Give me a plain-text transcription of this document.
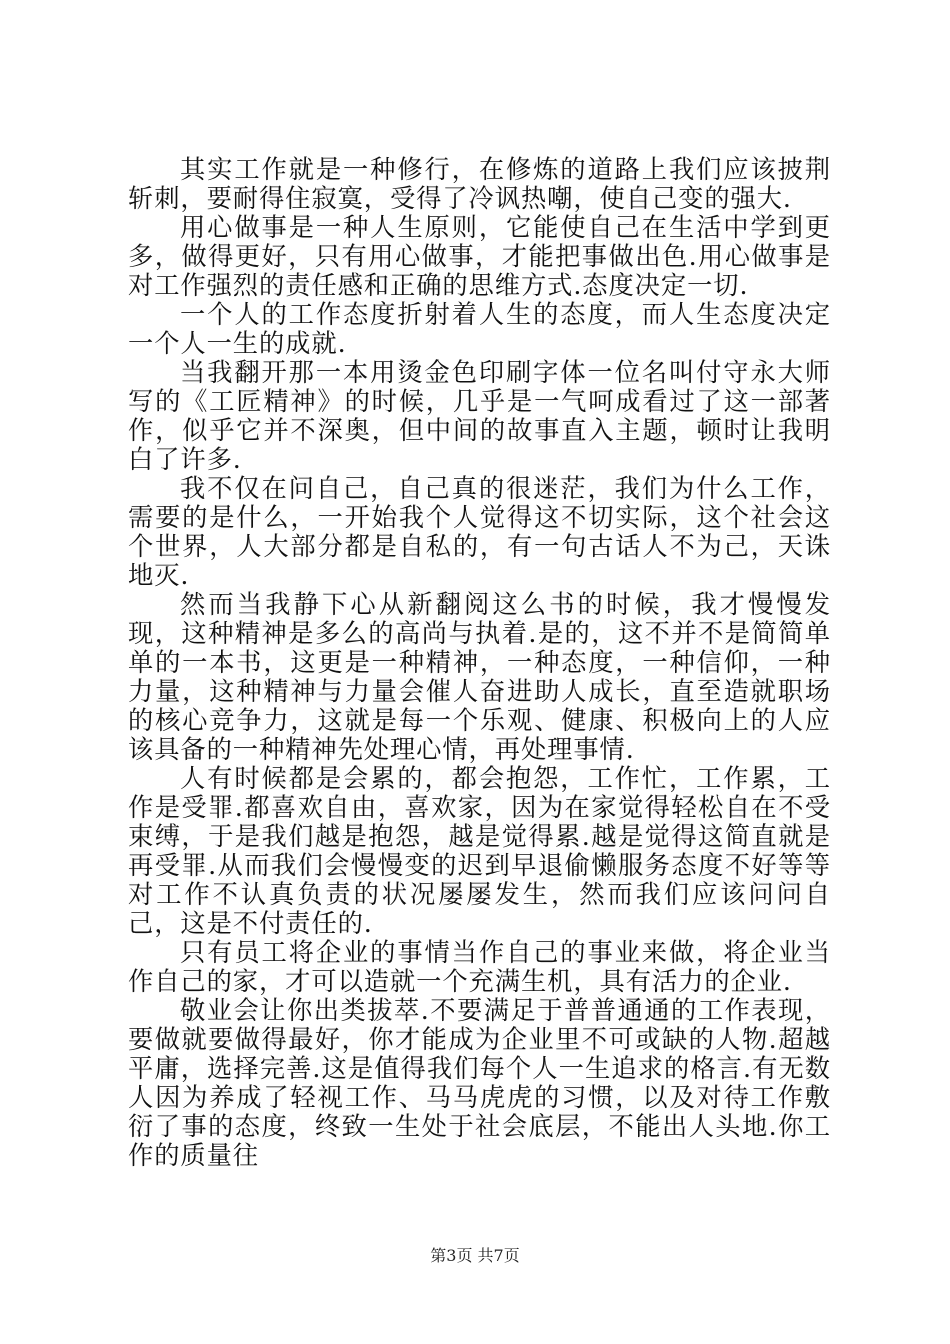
其实工作就是一种修行，在修炼的道路上我们应该披荆斩刺，要耐得住寂寞，受得了冷讽热嘲，使自己变的强大.

用心做事是一种人生原则，它能使自己在生活中学到更多，做得更好，只有用心做事，才能把事做出色.用心做事是对工作强烈的责任感和正确的思维方式.态度决定一切.

一个人的工作态度折射着人生的态度，而人生态度决定一个人一生的成就.

当我翻开那一本用烫金色印刷字体一位名叫付守永大师写的《工匠精神》的时候，几乎是一气呵成看过了这一部著作，似乎它并不深奥，但中间的故事直入主题，顿时让我明白了许多.

我不仅在问自己，自己真的很迷茫，我们为什么工作，需要的是什么，一开始我个人觉得这不切实际，这个社会这个世界，人大部分都是自私的，有一句古话人不为己，天诛地灭.

然而当我静下心从新翻阅这么书的时候，我才慢慢发现，这种精神是多么的高尚与执着.是的，这不并不是简简单单的一本书，这更是一种精神，一种态度，一种信仰，一种力量，这种精神与力量会催人奋进助人成长，直至造就职场的核心竞争力，这就是每一个乐观、健康、积极向上的人应该具备的一种精神先处理心情，再处理事情.

人有时候都是会累的，都会抱怨，工作忙，工作累，工作是受罪.都喜欢自由，喜欢家，因为在家觉得轻松自在不受束缚，于是我们越是抱怨，越是觉得累.越是觉得这简直就是再受罪.从而我们会慢慢变的迟到早退偷懒服务态度不好等等对工作不认真负责的状况屡屡发生，然而我们应该问问自己，这是不付责任的.

只有员工将企业的事情当作自己的事业来做，将企业当作自己的家，才可以造就一个充满生机，具有活力的企业.

敬业会让你出类拔萃.不要满足于普普通通的工作表现，要做就要做得最好，你才能成为企业里不可或缺的人物.超越平庸，选择完善.这是值得我们每个人一生追求的格言.有无数人因为养成了轻视工作、马马虎虎的习惯，以及对待工作敷衍了事的态度，终致一生处于社会底层，不能出人头地.你工作的质量往

第3页 共7页
